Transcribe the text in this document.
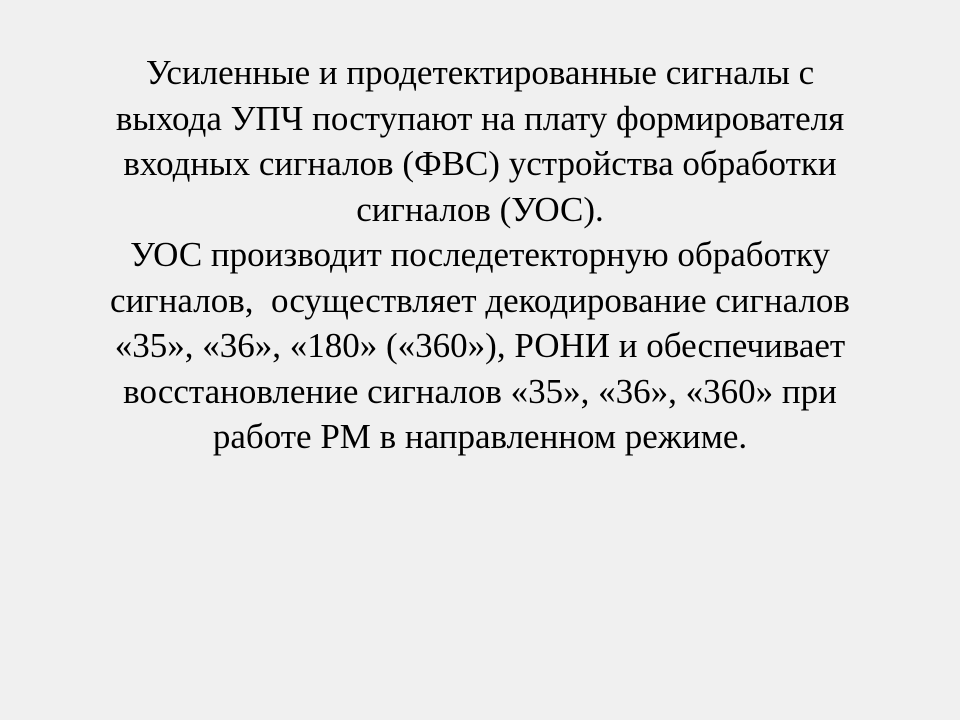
Усиленные и продетектированные сигналы с
выхода УПЧ поступают на плату формирователя
входных сигналов (ФВС) устройства обработки
сигналов (УОС).
УОС производит последетекторную обработку
сигналов,  осуществляет декодирование сигналов
«35», «36», «180» («360»), РОНИ и обеспечивает
восстановление сигналов «35», «36», «360» при
работе РМ в направленном режиме.
